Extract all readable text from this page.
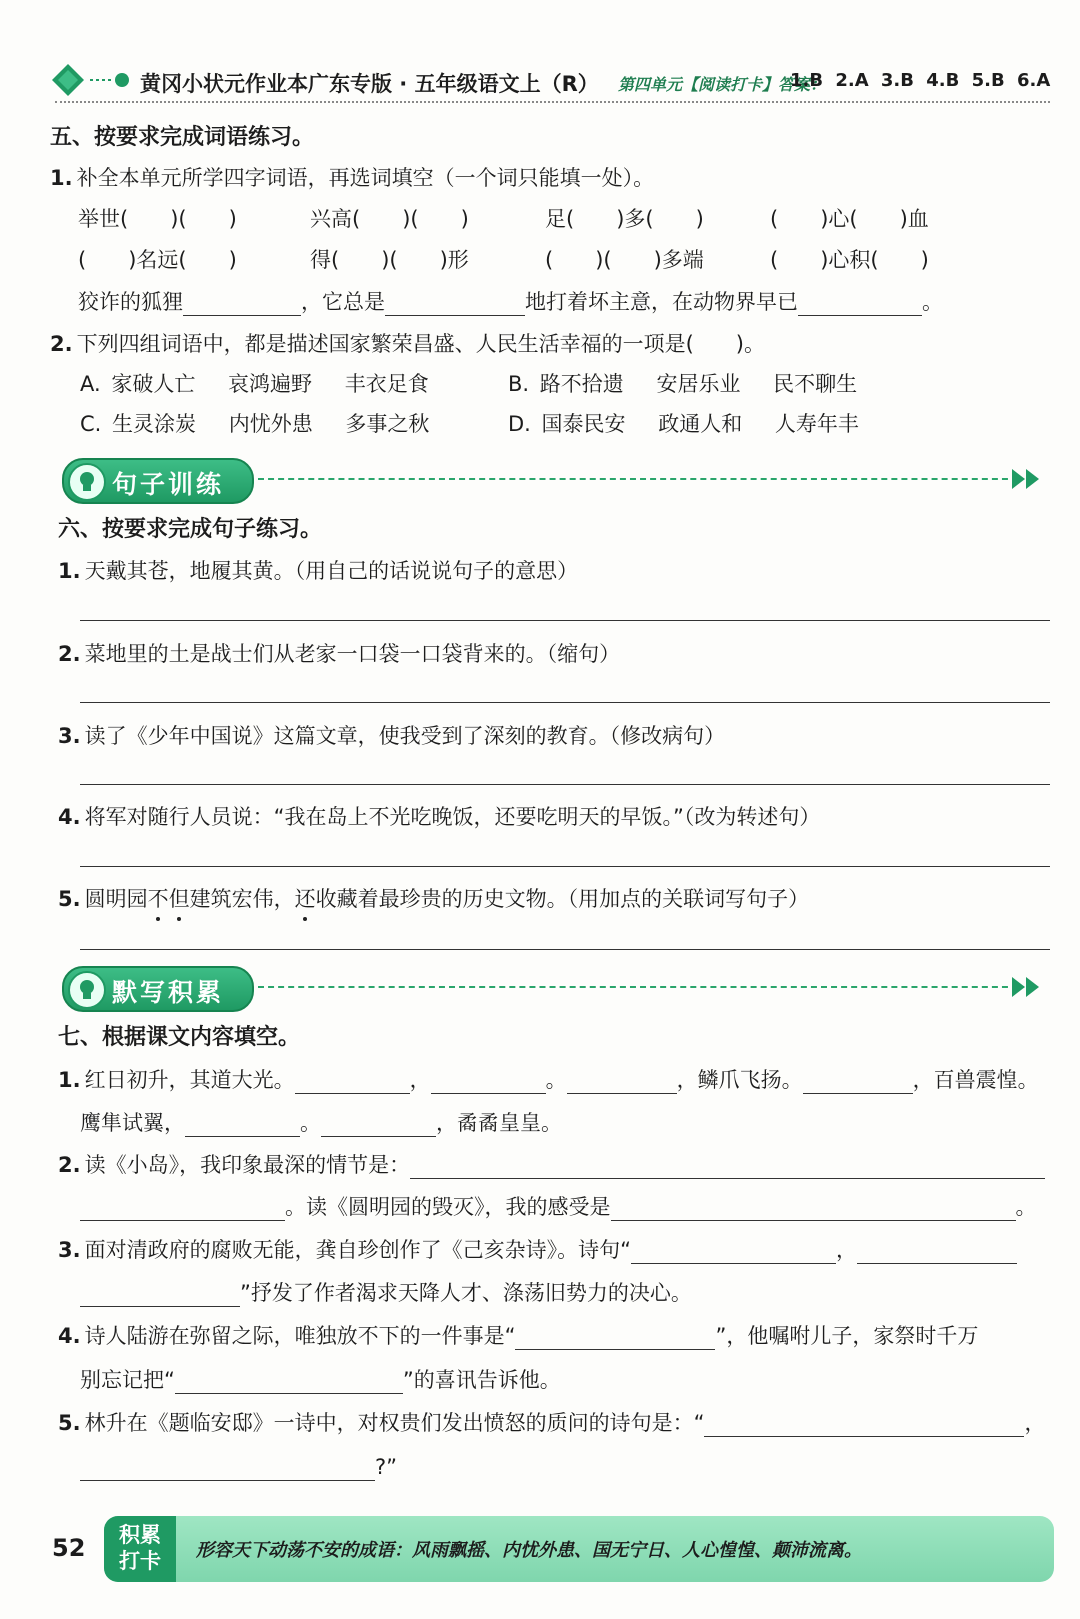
黄冈小状元作业本广东专版 · 五年级语文上（R） 第四单元【阅读打卡】答案：
1.B 2.A 3.B 4.B 5.B 6.A
五、按要求完成词语练习。
1. 补全本单元所学四字词语，再选词填空（一个词只能填一处）。
举世(　　)(　　)	兴高(　　)(　　)	足(　　)多(　　)	(　　)心(　　)血
(　　)名远(　　)	得(　　)(　　)形	(　　)(　　)多端	(　　)心积(　　)
狡诈的狐狸	，它总是	地打着坏主意，在动物界早已	。
2. 下列四组词语中，都是描述国家繁荣昌盛、人民生活幸福的一项是(　　)。
A. 家破人亡 哀鸿遍野 丰衣足食	B. 路不拾遗 安居乐业 民不聊生
C. 生灵涂炭 内忧外患 多事之秋	D. 国泰民安 政通人和 人寿年丰
句子训练
六、按要求完成句子练习。
1. 天戴其苍，地履其黄。（用自己的话说说句子的意思）
2. 菜地里的土是战士们从老家一口袋一口袋背来的。（缩句）
3. 读了《少年中国说》这篇文章，使我受到了深刻的教育。（修改病句）
4. 将军对随行人员说：“我在岛上不光吃晚饭，还要吃明天的早饭。”（改为转述句）
5. 圆明园不但建筑宏伟，还收藏着最珍贵的历史文物。（用加点的关联词写句子）
默写积累
七、根据课文内容填空。
1. 红日初升，其道大光。	，	。	，鳞爪飞扬。	，百兽震惶。
鹰隼试翼，	。	，矞矞皇皇。
2. 读《小岛》，我印象最深的情节是：
。读《圆明园的毁灭》，我的感受是	。
3. 面对清政府的腐败无能，龚自珍创作了《己亥杂诗》。诗句“	，
”抒发了作者渴求天降人才、涤荡旧势力的决心。
4. 诗人陆游在弥留之际，唯独放不下的一件事是“	”，他嘱咐儿子，家祭时千万
别忘记把“	”的喜讯告诉他。
5. 林升在《题临安邸》一诗中，对权贵们发出愤怒的质问的诗句是：“	，
?”
52	积累
打卡	形容天下动荡不安的成语：风雨飘摇、内忧外患、国无宁日、人心惶惶、颠沛流离。
